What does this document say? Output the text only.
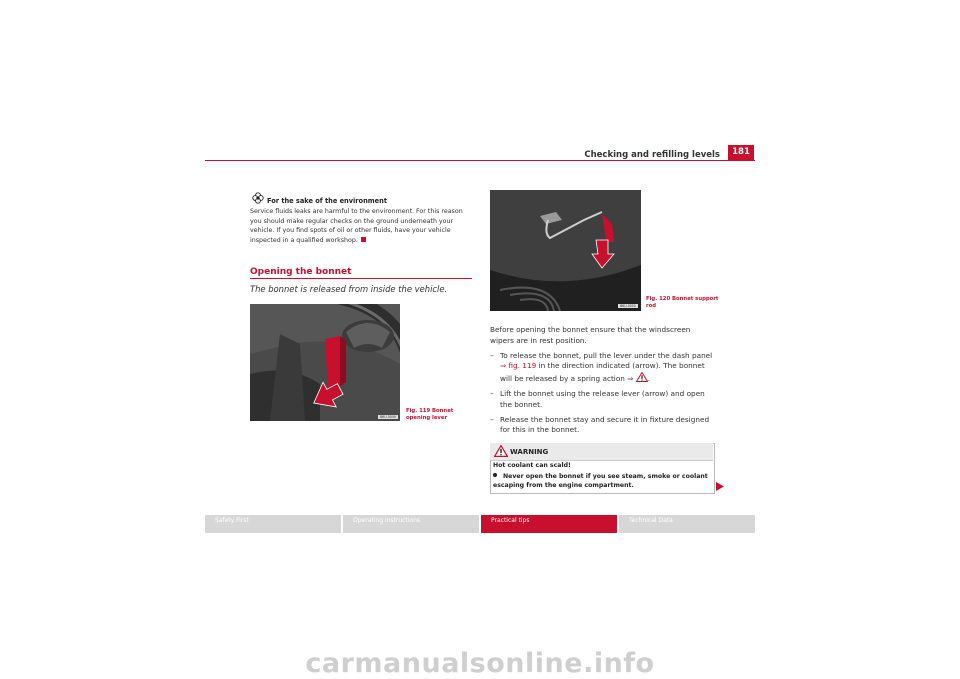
Checking and refilling levels	181
For the sake of the environment
Service fluids leaks are harmful to the environment. For this reason you should make regular checks on the ground underneath your vehicle. If you find spots of oil or other fluids, have your vehicle inspected in a qualified workshop.
Opening the bonnet
The bonnet is released from inside the vehicle.
B6U-0049
Fig. 119 Bonnet opening lever
B6U-0050
Fig. 120 Bonnet support rod

Before opening the bonnet ensure that the windscreen wipers are in rest position.

– To release the bonnet, pull the lever under the dash panel ⇒ fig. 119 in the direction indicated (arrow). The bonnet will be released by a spring action ⇒ .
– Lift the bonnet using the release lever (arrow) and open the bonnet.
– Release the bonnet stay and secure it in fixture designed for this in the bonnet.
WARNING
Hot coolant can scald!
Never open the bonnet if you see steam, smoke or coolant escaping from the engine compartment.
Safety First	Operating instructions	Practical tips	Technical Data
carmanualsonline.info
